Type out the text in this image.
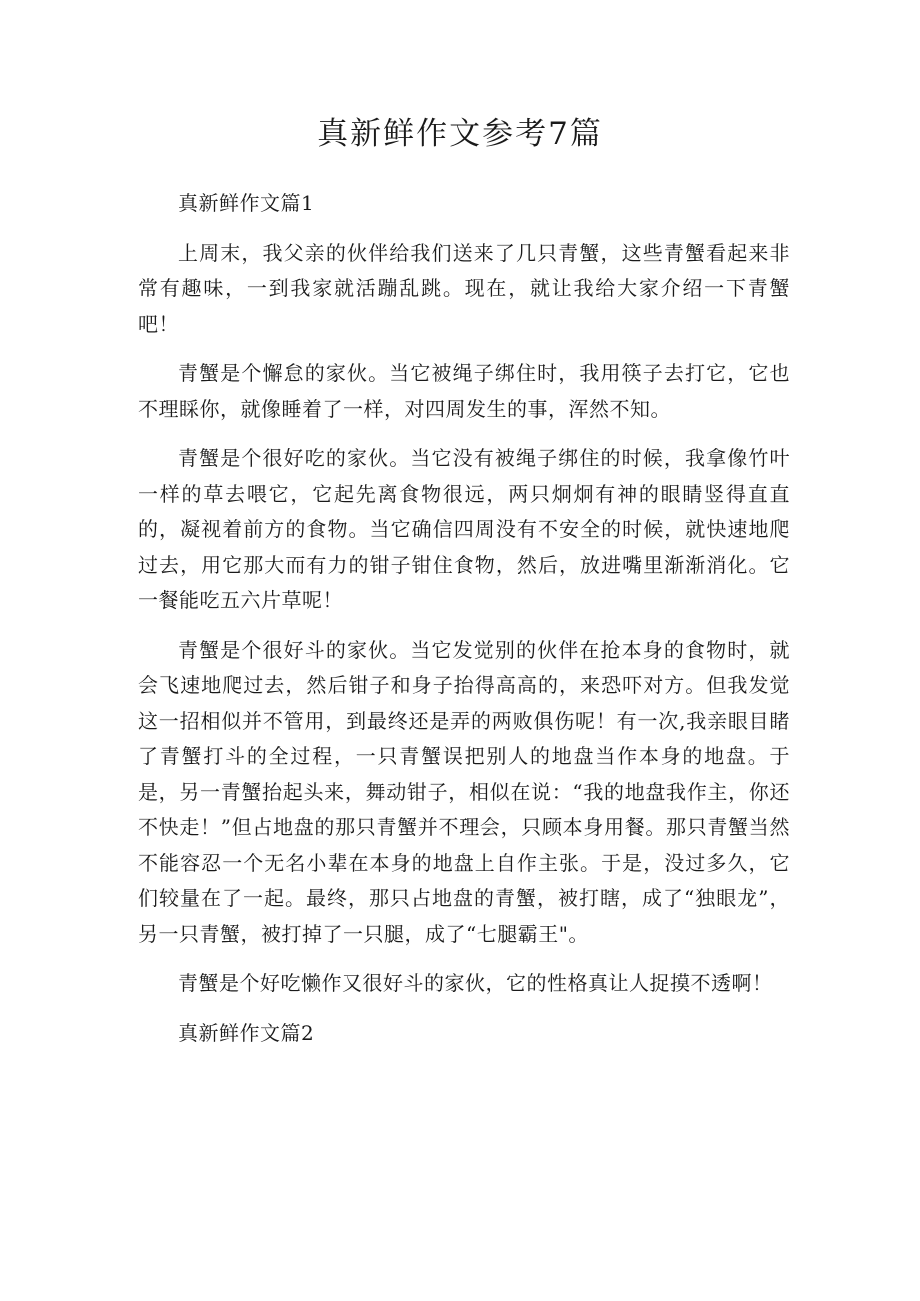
真新鲜作文参考7篇

真新鲜作文篇1

上周末，我父亲的伙伴给我们送来了几只青蟹，这些青蟹看起来非常有趣味，一到我家就活蹦乱跳。现在，就让我给大家介绍一下青蟹吧！

青蟹是个懈怠的家伙。当它被绳子绑住时，我用筷子去打它，它也不理睬你，就像睡着了一样，对四周发生的事，浑然不知。

青蟹是个很好吃的家伙。当它没有被绳子绑住的时候，我拿像竹叶一样的草去喂它，它起先离食物很远，两只炯炯有神的眼睛竖得直直的，凝视着前方的食物。当它确信四周没有不安全的时候，就快速地爬过去，用它那大而有力的钳子钳住食物，然后，放进嘴里渐渐消化。它一餐能吃五六片草呢！

青蟹是个很好斗的家伙。当它发觉别的伙伴在抢本身的食物时，就会飞速地爬过去，然后钳子和身子抬得高高的，来恐吓对方。但我发觉这一招相似并不管用，到最终还是弄的两败俱伤呢！有一次,我亲眼目睹了青蟹打斗的全过程，一只青蟹误把别人的地盘当作本身的地盘。于是，另一青蟹抬起头来，舞动钳子，相似在说：“我的地盘我作主，你还不快走！”但占地盘的那只青蟹并不理会，只顾本身用餐。那只青蟹当然不能容忍一个无名小辈在本身的地盘上自作主张。于是，没过多久，它们较量在了一起。最终，那只占地盘的青蟹，被打瞎，成了“独眼龙”，另一只青蟹，被打掉了一只腿，成了“七腿霸王"。

青蟹是个好吃懒作又很好斗的家伙，它的性格真让人捉摸不透啊！

真新鲜作文篇2
